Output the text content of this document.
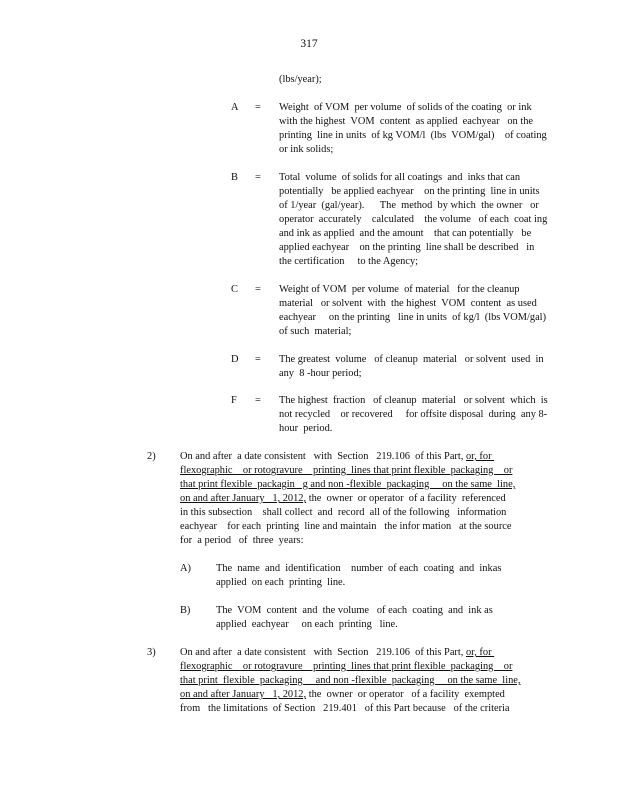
317
(lbs/year);
A = Weight  of VOM  per volume  of solids of the coating  or ink
with the highest  VOM  content  as applied  eachyear   on the
printing  line in units  of kg VOM/l  (lbs  VOM/gal)    of coating
or ink solids;
B = Total  volume  of solids for all coatings  and  inks that can
potentially   be applied eachyear    on the printing  line in units
of 1/year  (gal/year).      The  method  by which  the owner   or
operator  accurately    calculated    the volume   of each  coat ing
and ink as applied  and the amount    that can potentially   be
applied eachyear    on the printing  line shall be described   in
the certification     to the Agency;
C = Weight of VOM  per volume  of material   for the cleanup
material   or solvent  with  the highest  VOM  content  as used
eachyear     on the printing   line in units  of kg/l  (lbs VOM/gal)
of such  material;
D = The greatest  volume   of cleanup  material   or solvent  used  in
any  8 -hour period;
F = The highest  fraction   of cleanup  material   or solvent  which  is
not recycled    or recovered     for offsite disposal  during  any 8-
hour  period.
2) On and after  a date consistent   with  Section   219.106  of this Part, or, for
flexographic    or rotogravure    printing  lines that print flexible  packaging    or
that print flexible  packagin   g and non -flexible  packaging     on the same  line,
on and after January   1, 2012, the  owner  or operator  of a facility  referenced
in this subsection    shall collect  and  record  all of the following   information
eachyear    for each  printing  line and maintain   the infor mation   at the source
for  a period   of  three  years:
A) The  name  and  identification    number  of each  coating  and  inkas
applied  on each  printing  line.
B) The  VOM  content  and  the volume   of each  coating  and  ink as
applied  eachyear     on each  printing   line.
3) On and after  a date consistent   with  Section   219.106  of this Part, or, for
flexographic    or rotogravure    printing  lines that print flexible  packaging    or
that print  flexible  packaging     and non -flexible  packaging     on the same  line,
on and after January   1, 2012, the  owner  or operator   of a facility  exempted
from   the limitations  of Section   219.401   of this Part because   of the criteria
